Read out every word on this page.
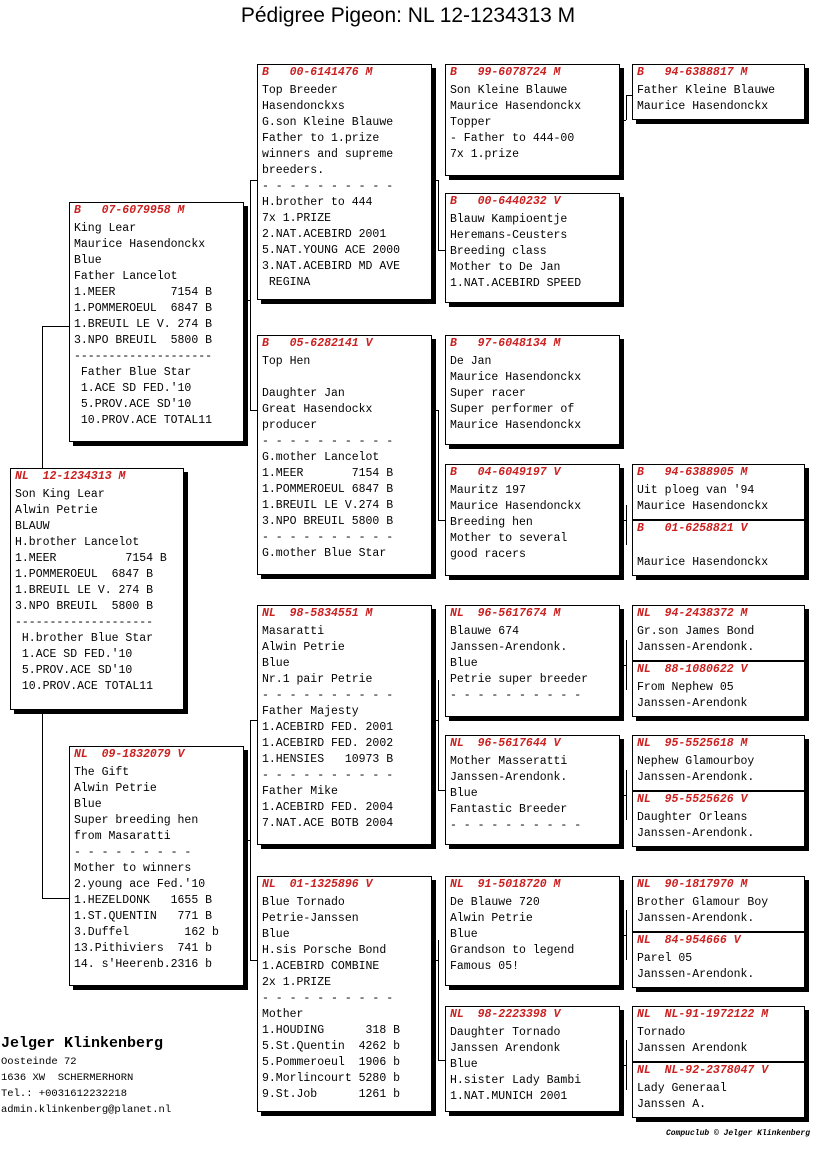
Pédigree Pigeon: NL 12-1234313 M
NL  12-1234313 M
Son King Lear
Alwin Petrie
BLAUW
H.brother Lancelot
1.MEER          7154 B
1.POMMEROEUL  6847 B
1.BREUIL LE V. 274 B
3.NPO BREUIL  5800 B
--------------------
H.brother Blue Star
1.ACE SD FED.'10
5.PROV.ACE SD'10
10.PROV.ACE TOTAL11
B   07-6079958 M
King Lear
Maurice Hasendonckx
Blue
Father Lancelot
1.MEER        7154 B
1.POMMEROEUL  6847 B
1.BREUIL LE V. 274 B
3.NPO BREUIL  5800 B
--------------------
Father Blue Star
1.ACE SD FED.'10
5.PROV.ACE SD'10
10.PROV.ACE TOTAL11
NL  09-1832079 V
The Gift
Alwin Petrie
Blue
Super breeding hen
from Masaratti
- - - - - - - - -
Mother to winners
2.young ace Fed.'10
1.HEZELDONK   1655 B
1.ST.QUENTIN   771 B
3.Duffel        162 b
13.Pithiviers  741 b
14. s'Heerenb.2316 b
B   00-6141476 M
Top Breeder
Hasendonckxs
G.son Kleine Blauwe
Father to 1.prize
winners and supreme
breeders.
- - - - - - - - - -
H.brother to 444
7x 1.PRIZE
2.NAT.ACEBIRD 2001
5.NAT.YOUNG ACE 2000
3.NAT.ACEBIRD MD AVE
REGINA
B   05-6282141 V
Top Hen
Daughter Jan
Great Hasendockx
producer
- - - - - - - - - -
G.mother Lancelot
1.MEER       7154 B
1.POMMEROEUL 6847 B
1.BREUIL LE V.274 B
3.NPO BREUIL 5800 B
- - - - - - - - - -
G.mother Blue Star
NL  98-5834551 M
Masaratti
Alwin Petrie
Blue
Nr.1 pair Petrie
- - - - - - - - - -
Father Majesty
1.ACEBIRD FED. 2001
1.ACEBIRD FED. 2002
1.HENSIES   10973 B
- - - - - - - - - -
Father Mike
1.ACEBIRD FED. 2004
7.NAT.ACE BOTB 2004
NL  01-1325896 V
Blue Tornado
Petrie-Janssen
Blue
H.sis Porsche Bond
1.ACEBIRD COMBINE
2x 1.PRIZE
- - - - - - - - - -
Mother
1.HOUDING      318 B
5.St.Quentin  4262 b
5.Pommeroeul  1906 b
9.Morlincourt 5280 b
9.St.Job      1261 b
B   99-6078724 M
Son Kleine Blauwe
Maurice Hasendonckx
Topper
- Father to 444-00
7x 1.prize
B   00-6440232 V
Blauw Kampioentje
Heremans-Ceusters
Breeding class
Mother to De Jan
1.NAT.ACEBIRD SPEED
B   97-6048134 M
De Jan
Maurice Hasendonckx
Super racer
Super performer of
Maurice Hasendonckx
B   04-6049197 V
Mauritz 197
Maurice Hasendonckx
Breeding hen
Mother to several
good racers
NL  96-5617674 M
Blauwe 674
Janssen-Arendonk.
Blue
Petrie super breeder
- - - - - - - - - -
NL  96-5617644 V
Mother Masseratti
Janssen-Arendonk.
Blue
Fantastic Breeder
- - - - - - - - - -
NL  91-5018720 M
De Blauwe 720
Alwin Petrie
Blue
Grandson to legend
Famous 05!
NL  98-2223398 V
Daughter Tornado
Janssen Arendonk
Blue
H.sister Lady Bambi
1.NAT.MUNICH 2001
B   94-6388817 M
Father Kleine Blauwe
Maurice Hasendonckx
B   94-6388905 M
Uit ploeg van '94
Maurice Hasendonckx
B   01-6258821 V
Maurice Hasendonckx
NL  94-2438372 M
Gr.son James Bond
Janssen-Arendonk.
NL  88-1080622 V
From Nephew 05
Janssen-Arendonk
NL  95-5525618 M
Nephew Glamourboy
Janssen-Arendonk.
NL  95-5525626 V
Daughter Orleans
Janssen-Arendonk.
NL  90-1817970 M
Brother Glamour Boy
Janssen-Arendonk.
NL  84-954666 V
Parel 05
Janssen-Arendonk.
NL  NL-91-1972122 M
Tornado
Janssen Arendonk
NL  NL-92-2378047 V
Lady Generaal
Janssen A.
Jelger Klinkenberg
Oosteinde 72
1636 XW  SCHERMERHORN
Tel.: +0031612232218
admin.klinkenberg@planet.nl
Compuclub © Jelger Klinkenberg
